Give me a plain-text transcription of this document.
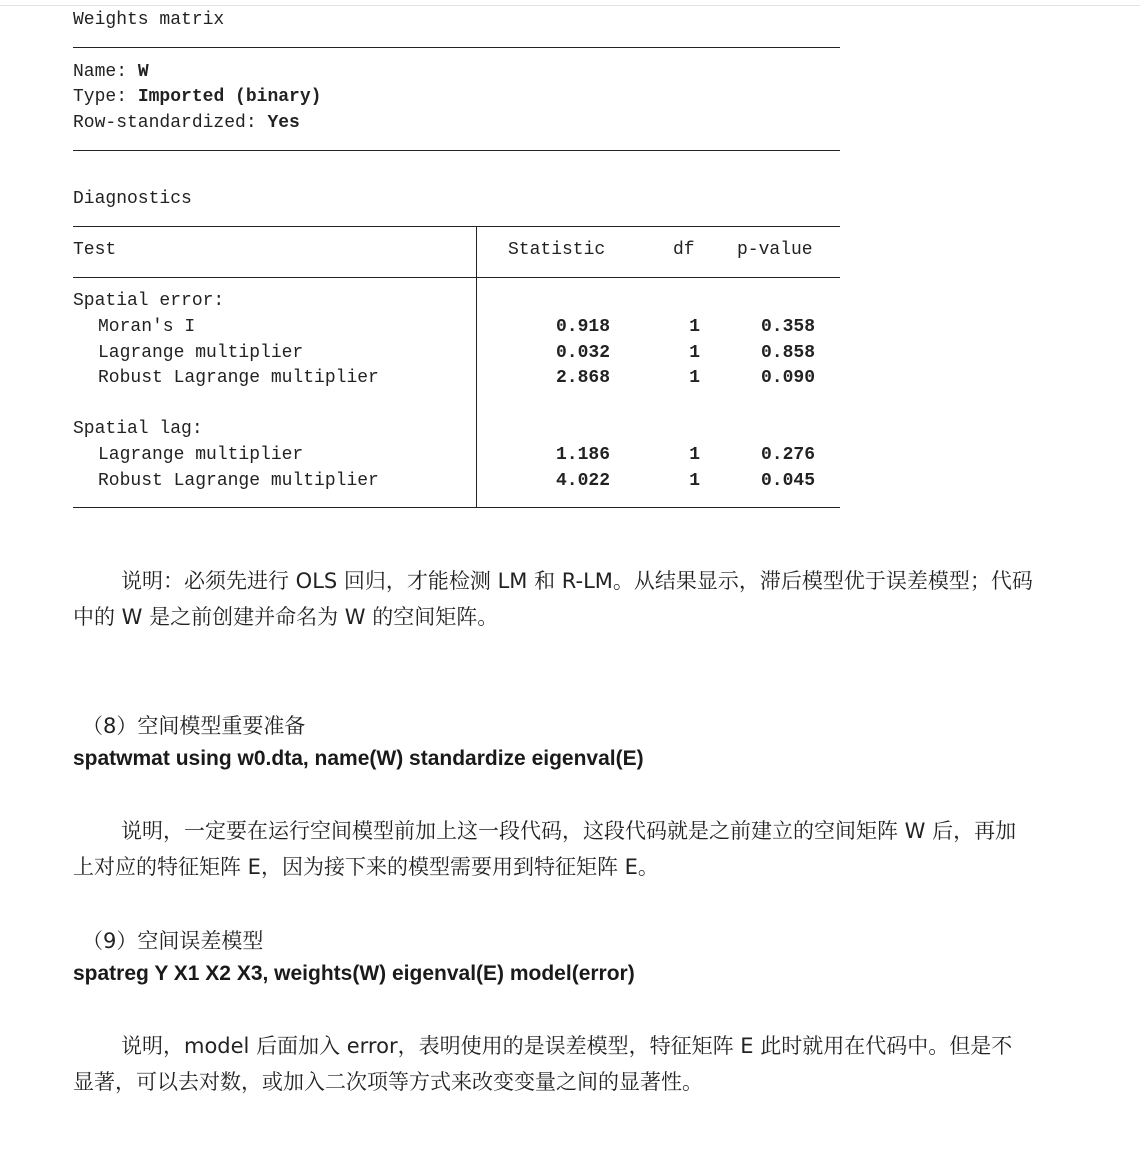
Weights matrix
Name: W
Type: Imported (binary)
Row-standardized: Yes
Diagnostics
Test	Statistic	df p-value
Spatial error:
Moran's I	0.918	1	0.358
Lagrange multiplier	0.032	1	0.858
Robust Lagrange multiplier	2.868	1	0.090
Spatial lag:
Lagrange multiplier	1.186	1	0.276
Robust Lagrange multiplier	4.022	1	0.045
说明：必须先进行 OLS 回归，才能检测 LM 和 R-LM。从结果显示，滞后模型优于误差模型；代码中的 W 是之前创建并命名为 W 的空间矩阵。
（8）空间模型重要准备
spatwmat using w0.dta, name(W) standardize eigenval(E)
说明，一定要在运行空间模型前加上这一段代码，这段代码就是之前建立的空间矩阵 W 后，再加上对应的特征矩阵 E，因为接下来的模型需要用到特征矩阵 E。
（9）空间误差模型
spatreg Y X1 X2 X3, weights(W) eigenval(E) model(error)
说明，model 后面加入 error，表明使用的是误差模型，特征矩阵 E 此时就用在代码中。但是不显著，可以去对数，或加入二次项等方式来改变变量之间的显著性。
